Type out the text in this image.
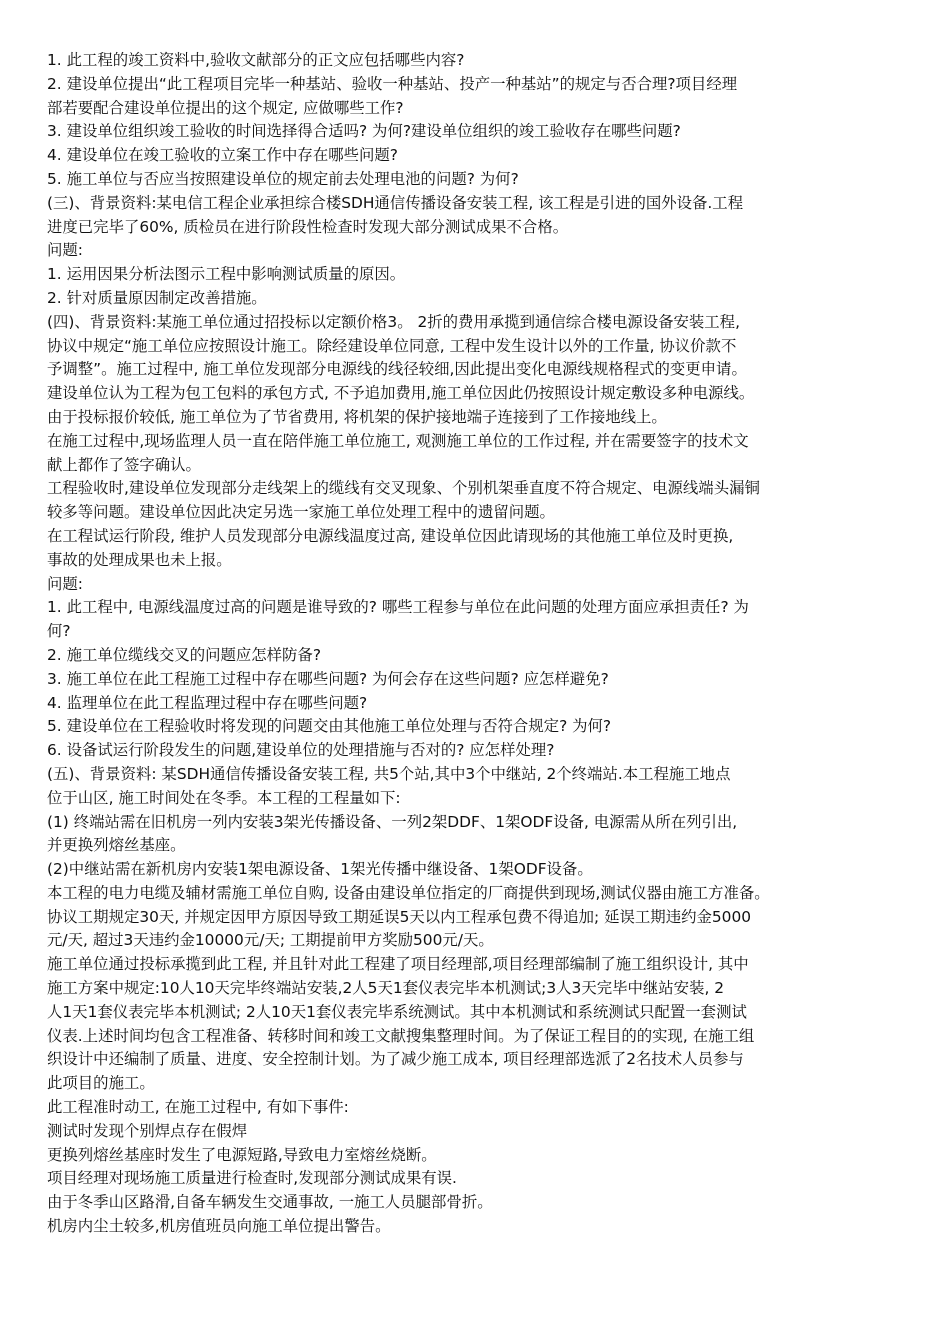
1. 此工程的竣工资料中,验收文献部分的正文应包括哪些内容?
2. 建设单位提出“此工程项目完毕一种基站、验收一种基站、投产一种基站”的规定与否合理?项目经理
部若要配合建设单位提出的这个规定, 应做哪些工作?
3. 建设单位组织竣工验收的时间选择得合适吗? 为何?建设单位组织的竣工验收存在哪些问题?
4. 建设单位在竣工验收的立案工作中存在哪些问题?
5. 施工单位与否应当按照建设单位的规定前去处理电池的问题? 为何?
(三)、背景资料:某电信工程企业承担综合楼SDH通信传播设备安装工程, 该工程是引进的国外设备.工程
进度已完毕了60%, 质检员在进行阶段性检查时发现大部分测试成果不合格。
问题:
1. 运用因果分析法图示工程中影响测试质量的原因。
2. 针对质量原因制定改善措施。
(四)、背景资料:某施工单位通过招投标以定额价格3。 2折的费用承揽到通信综合楼电源设备安装工程,
协议中规定“施工单位应按照设计施工。除经建设单位同意, 工程中发生设计以外的工作量, 协议价款不
予调整”。施工过程中, 施工单位发现部分电源线的线径较细,因此提出变化电源线规格程式的变更申请。
建设单位认为工程为包工包料的承包方式, 不予追加费用,施工单位因此仍按照设计规定敷设多种电源线。
由于投标报价较低, 施工单位为了节省费用, 将机架的保护接地端子连接到了工作接地线上。
在施工过程中,现场监理人员一直在陪伴施工单位施工, 观测施工单位的工作过程, 并在需要签字的技术文
献上都作了签字确认。
工程验收时,建设单位发现部分走线架上的缆线有交叉现象、个别机架垂直度不符合规定、电源线端头漏铜
较多等问题。建设单位因此决定另选一家施工单位处理工程中的遗留问题。
在工程试运行阶段, 维护人员发现部分电源线温度过高, 建设单位因此请现场的其他施工单位及时更换,
事故的处理成果也未上报。
问题:
1. 此工程中, 电源线温度过高的问题是谁导致的? 哪些工程参与单位在此问题的处理方面应承担责任? 为
何?
2. 施工单位缆线交叉的问题应怎样防备?
3. 施工单位在此工程施工过程中存在哪些问题? 为何会存在这些问题? 应怎样避免?
4. 监理单位在此工程监理过程中存在哪些问题?
5. 建设单位在工程验收时将发现的问题交由其他施工单位处理与否符合规定? 为何?
6. 设备试运行阶段发生的问题,建设单位的处理措施与否对的? 应怎样处理?
(五)、背景资料: 某SDH通信传播设备安装工程, 共5个站,其中3个中继站, 2个终端站.本工程施工地点
位于山区, 施工时间处在冬季。本工程的工程量如下:
(1) 终端站需在旧机房一列内安装3架光传播设备、一列2架DDF、1架ODF设备, 电源需从所在列引出,
并更换列熔丝基座。
(2)中继站需在新机房内安装1架电源设备、1架光传播中继设备、1架ODF设备。
本工程的电力电缆及辅材需施工单位自购, 设备由建设单位指定的厂商提供到现场,测试仪器由施工方准备。
协议工期规定30天, 并规定因甲方原因导致工期延误5天以内工程承包费不得追加; 延误工期违约金5000
元/天, 超过3天违约金10000元/天; 工期提前甲方奖励500元/天。
施工单位通过投标承揽到此工程, 并且针对此工程建了项目经理部,项目经理部编制了施工组织设计, 其中
施工方案中规定:10人10天完毕终端站安装,2人5天1套仪表完毕本机测试;3人3天完毕中继站安装, 2
人1天1套仪表完毕本机测试; 2人10天1套仪表完毕系统测试。其中本机测试和系统测试只配置一套测试
仪表.上述时间均包含工程准备、转移时间和竣工文献搜集整理时间。为了保证工程目的的实现, 在施工组
织设计中还编制了质量、进度、安全控制计划。为了减少施工成本, 项目经理部选派了2名技术人员参与
此项目的施工。
此工程准时动工, 在施工过程中, 有如下事件:
测试时发现个别焊点存在假焊
更换列熔丝基座时发生了电源短路,导致电力室熔丝烧断。
项目经理对现场施工质量进行检查时,发现部分测试成果有误.
由于冬季山区路滑,自备车辆发生交通事故, 一施工人员腿部骨折。
机房内尘土较多,机房值班员向施工单位提出警告。
